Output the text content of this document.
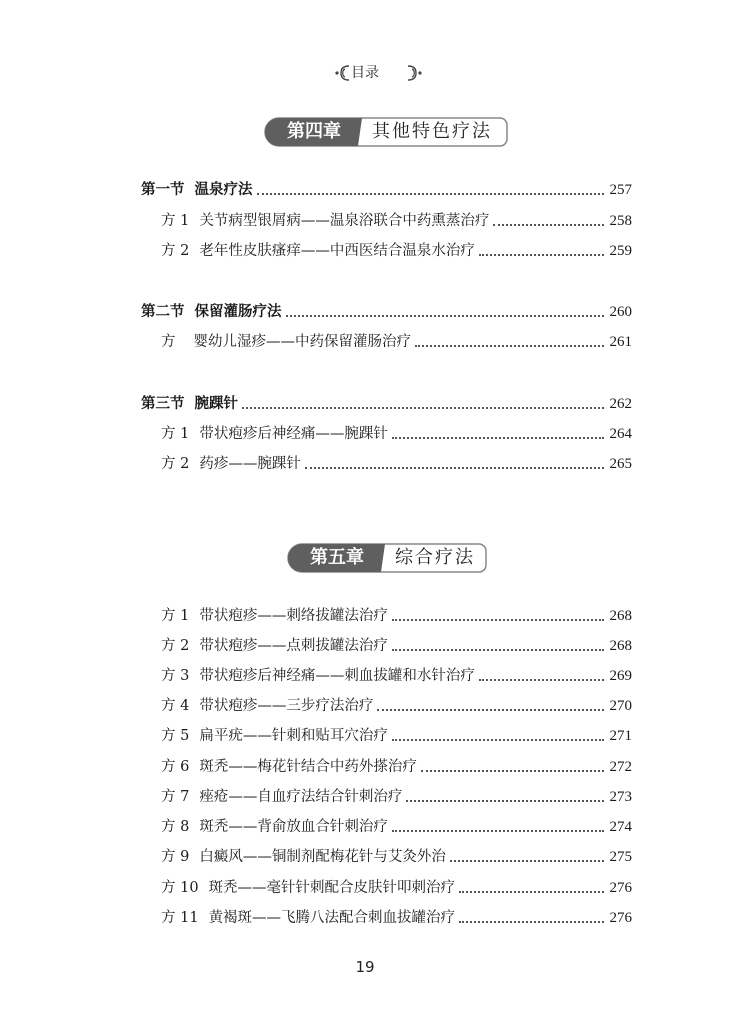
目录
第四章	其他特色疗法
第一节 温泉疗法	257
方 1 关节病型银屑病——温泉浴联合中药熏蒸治疗	258
方 2 老年性皮肤瘙痒——中西医结合温泉水治疗	259
第二节 保留灌肠疗法	260
方 婴幼儿湿疹——中药保留灌肠治疗	261
第三节 腕踝针	262
方 1 带状疱疹后神经痛——腕踝针	264
方 2 药疹——腕踝针	265
第五章	综合疗法
方 1 带状疱疹——刺络拔罐法治疗	268
方 2 带状疱疹——点刺拔罐法治疗	268
方 3 带状疱疹后神经痛——刺血拔罐和水针治疗	269
方 4 带状疱疹——三步疗法治疗	270
方 5 扁平疣——针刺和贴耳穴治疗	271
方 6 斑秃——梅花针结合中药外搽治疗	272
方 7 痤疮——自血疗法结合针刺治疗	273
方 8 斑秃——背俞放血合针刺治疗	274
方 9 白癜风——铜制剂配梅花针与艾灸外治	275
方 10 斑秃——毫针针刺配合皮肤针叩刺治疗	276
方 11 黄褐斑——飞腾八法配合刺血拔罐治疗	276
19
